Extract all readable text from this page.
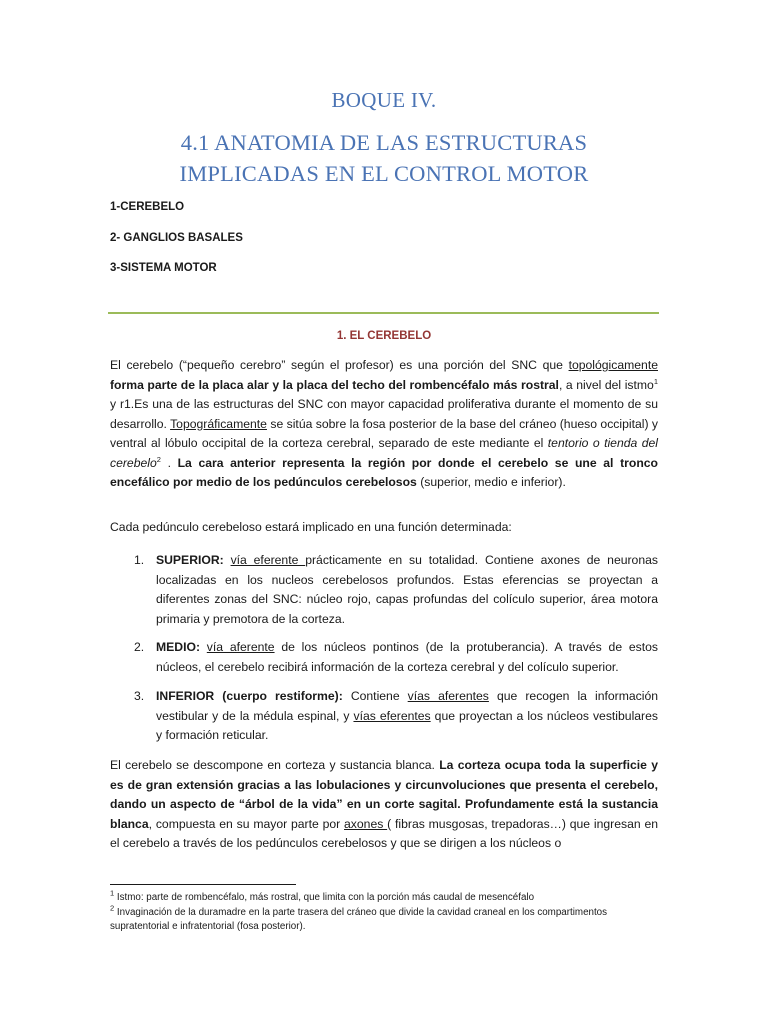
BOQUE IV.
4.1 ANATOMIA DE LAS ESTRUCTURAS
IMPLICADAS EN EL CONTROL MOTOR
1-CEREBELO
2- GANGLIOS BASALES
3-SISTEMA MOTOR
1. EL CEREBELO
El cerebelo (“pequeño cerebro” según el profesor) es una porción del SNC que topológicamente forma parte de la placa alar y la placa del techo del rombencéfalo más rostral, a nivel del istmo$^1$ y r1.Es una de las estructuras del SNC con mayor capacidad proliferativa durante el momento de su desarrollo. Topográficamente se sitúa sobre la fosa posterior de la base del cráneo (hueso occipital) y ventral al lóbulo occipital de la corteza cerebral, separado de este mediante el tentorio o tienda del cerebelo$^2$ . La cara anterior representa la región por donde el cerebelo se une al tronco encefálico por medio de los pedúnculos cerebelosos (superior, medio e inferior).
Cada pedúnculo cerebeloso estará implicado en una función determinada:
1. SUPERIOR: vía eferente prácticamente en su totalidad. Contiene axones de neuronas localizadas en los nucleos cerebelosos profundos. Estas eferencias se proyectan a diferentes zonas del SNC: núcleo rojo, capas profundas del colículo superior, área motora primaria y premotora de la corteza.
2. MEDIO: vía aferente de los núcleos pontinos (de la protuberancia). A través de estos núcleos, el cerebelo recibirá información de la corteza cerebral y del colículo superior.
3. INFERIOR (cuerpo restiforme): Contiene vías aferentes que recogen la información vestibular y de la médula espinal, y vías eferentes que proyectan a los núcleos vestibulares y formación reticular.
El cerebelo se descompone en corteza y sustancia blanca. La corteza ocupa toda la superficie y es de gran extensión gracias a las lobulaciones y circunvoluciones que presenta el cerebelo, dando un aspecto de “árbol de la vida” en un corte sagital. Profundamente está la sustancia blanca, compuesta en su mayor parte por axones ( fibras musgosas, trepadoras…) que ingresan en el cerebelo a través de los pedúnculos cerebelosos y que se dirigen a los núcleos o
$^1$ Istmo: parte de rombencéfalo, más rostral, que limita con la porción más caudal de mesencéfalo
$^2$ Invaginación de la duramadre en la parte trasera del cráneo que divide la cavidad craneal en los compartimentos supratentorial e infratentorial (fosa posterior).
